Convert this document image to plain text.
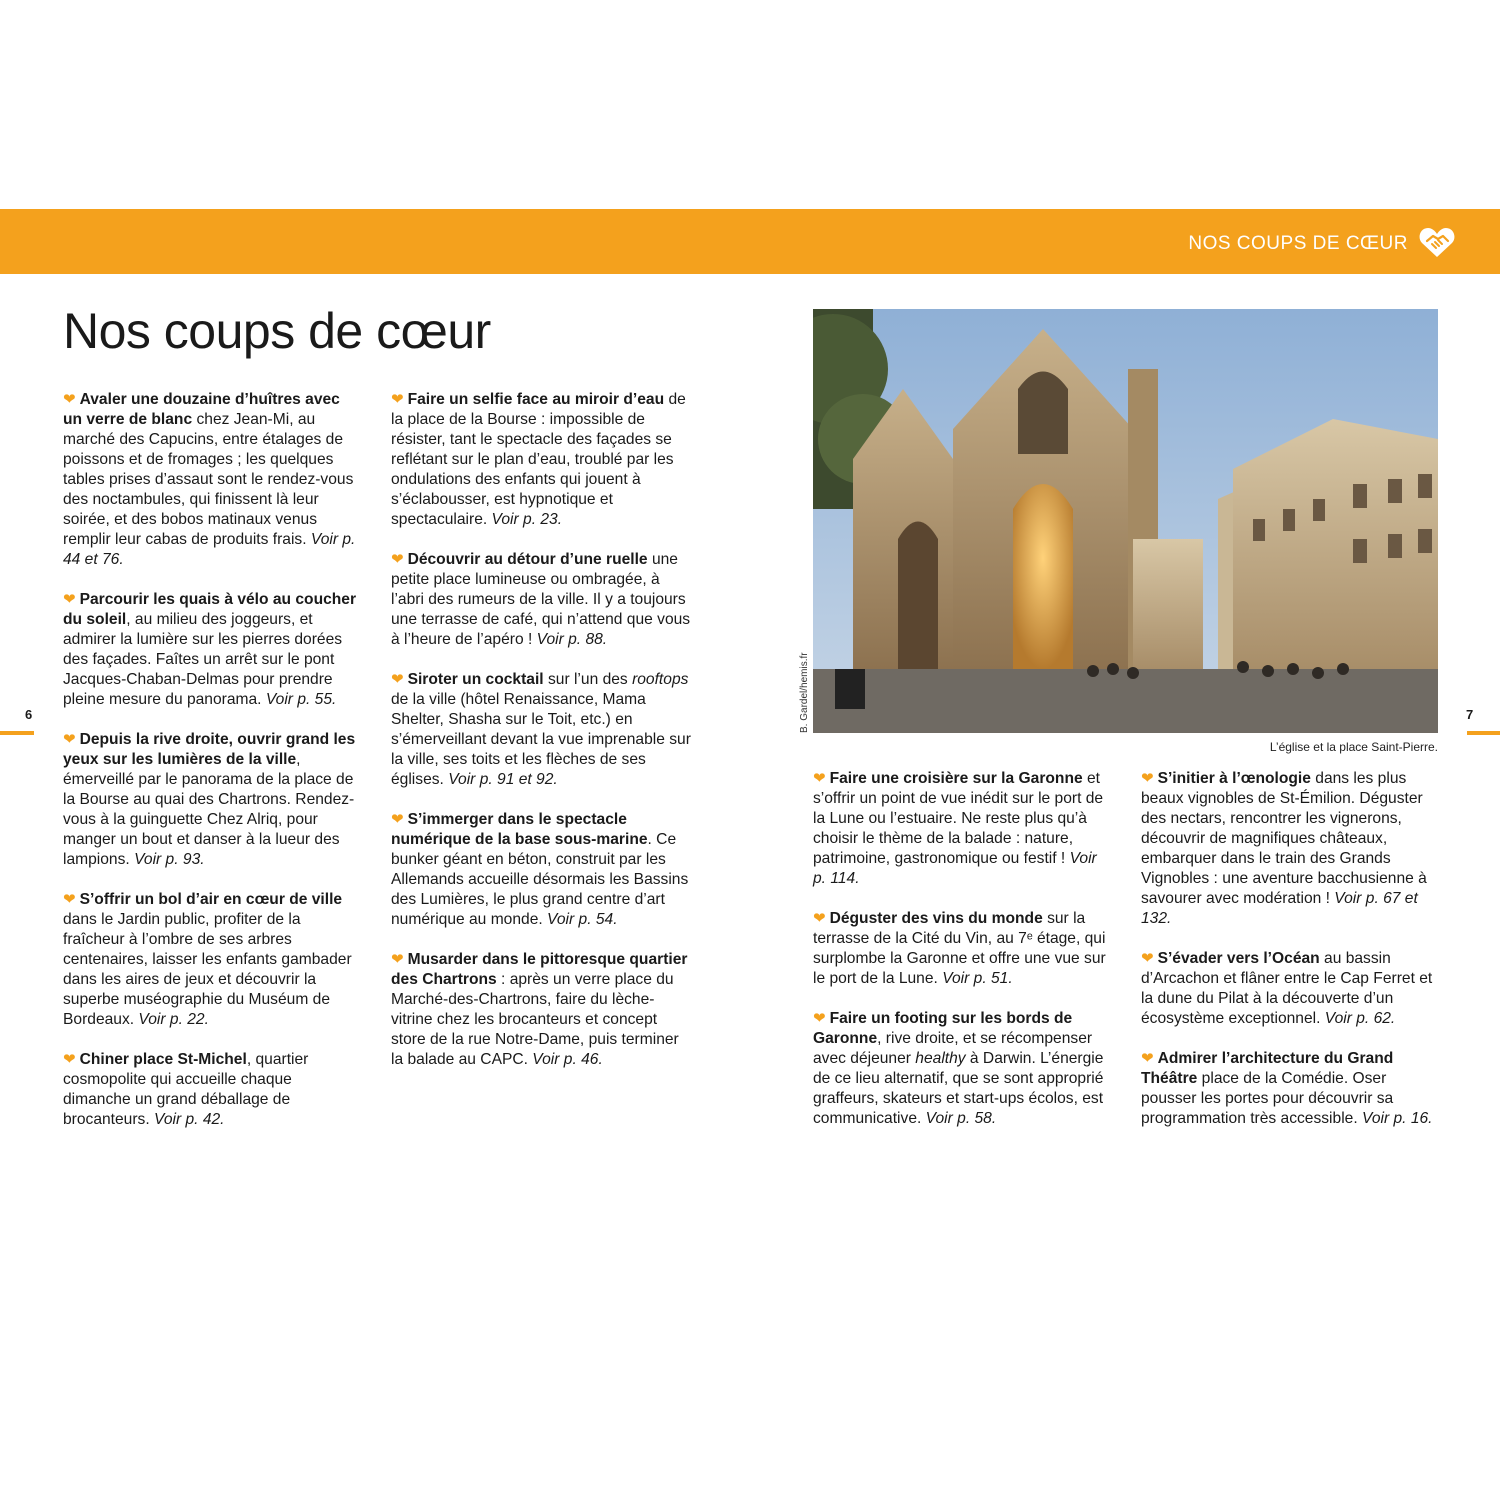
NOS COUPS DE CŒUR
Nos coups de cœur

❤ Avaler une douzaine d’huîtres avec un verre de blanc chez Jean-Mi, au marché des Capucins, entre étalages de poissons et de fromages ; les quelques tables prises d’assaut sont le rendez-vous des noctambules, qui finissent là leur soirée, et des bobos matinaux venus remplir leur cabas de produits frais. Voir p. 44 et 76.

❤ Parcourir les quais à vélo au coucher du soleil, au milieu des joggeurs, et admirer la lumière sur les pierres dorées des façades. Faîtes un arrêt sur le pont Jacques-Chaban-Delmas pour prendre pleine mesure du panorama. Voir p. 55.

❤ Depuis la rive droite, ouvrir grand les yeux sur les lumières de la ville, émerveillé par le panorama de la place de la Bourse au quai des Chartrons. Rendez-vous à la guinguette Chez Alriq, pour manger un bout et danser à la lueur des lampions. Voir p. 93.

❤ S’offrir un bol d’air en cœur de ville dans le Jardin public, profiter de la fraîcheur à l’ombre de ses arbres centenaires, laisser les enfants gambader dans les aires de jeux et découvrir la superbe muséographie du Muséum de Bordeaux. Voir p. 22.

❤ Chiner place St-Michel, quartier cosmopolite qui accueille chaque dimanche un grand déballage de brocanteurs. Voir p. 42.

❤ Faire un selfie face au miroir d’eau de la place de la Bourse : impossible de résister, tant le spectacle des façades se reflétant sur le plan d’eau, troublé par les ondulations des enfants qui jouent à s’éclabousser, est hypnotique et spectaculaire. Voir p. 23.

❤ Découvrir au détour d’une ruelle une petite place lumineuse ou ombragée, à l’abri des rumeurs de la ville. Il y a toujours une terrasse de café, qui n’attend que vous à l’heure de l’apéro ! Voir p. 88.

❤ Siroter un cocktail sur l’un des rooftops de la ville (hôtel Renaissance, Mama Shelter, Shasha sur le Toit, etc.) en s’émerveillant devant la vue imprenable sur la ville, ses toits et les flèches de ses églises. Voir p. 91 et 92.

❤ S’immerger dans le spectacle numérique de la base sous-marine. Ce bunker géant en béton, construit par les Allemands accueille désormais les Bassins des Lumières, le plus grand centre d’art numérique au monde. Voir p. 54.

❤ Musarder dans le pittoresque quartier des Chartrons : après un verre place du Marché-des-Chartrons, faire du lèche-vitrine chez les brocanteurs et concept store de la rue Notre-Dame, puis terminer la balade au CAPC. Voir p. 46.

❤ Faire une croisière sur la Garonne et s’offrir un point de vue inédit sur le port de la Lune ou l’estuaire. Ne reste plus qu’à choisir le thème de la balade : nature, patrimoine, gastronomique ou festif ! Voir p. 114.

❤ Déguster des vins du monde sur la terrasse de la Cité du Vin, au 7ᵉ étage, qui surplombe la Garonne et offre une vue sur le port de la Lune. Voir p. 51.

❤ Faire un footing sur les bords de Garonne, rive droite, et se récompenser avec déjeuner healthy à Darwin. L’énergie de ce lieu alternatif, que se sont approprié graffeurs, skateurs et start-ups écolos, est communicative. Voir p. 58.

❤ S’initier à l’œnologie dans les plus beaux vignobles de St-Émilion. Déguster des nectars, rencontrer les vignerons, découvrir de magnifiques châteaux, embarquer dans le train des Grands Vignobles : une aventure bacchusienne à savourer avec modération ! Voir p. 67 et 132.

❤ S’évader vers l’Océan au bassin d’Arcachon et flâner entre le Cap Ferret et la dune du Pilat à la découverte d’un écosystème exceptionnel. Voir p. 62.

❤ Admirer l’architecture du Grand Théâtre place de la Comédie. Oser pousser les portes pour découvrir sa programmation très accessible. Voir p. 16.

6	7
B. Gardel/hemis.fr
L’église et la place Saint-Pierre.
